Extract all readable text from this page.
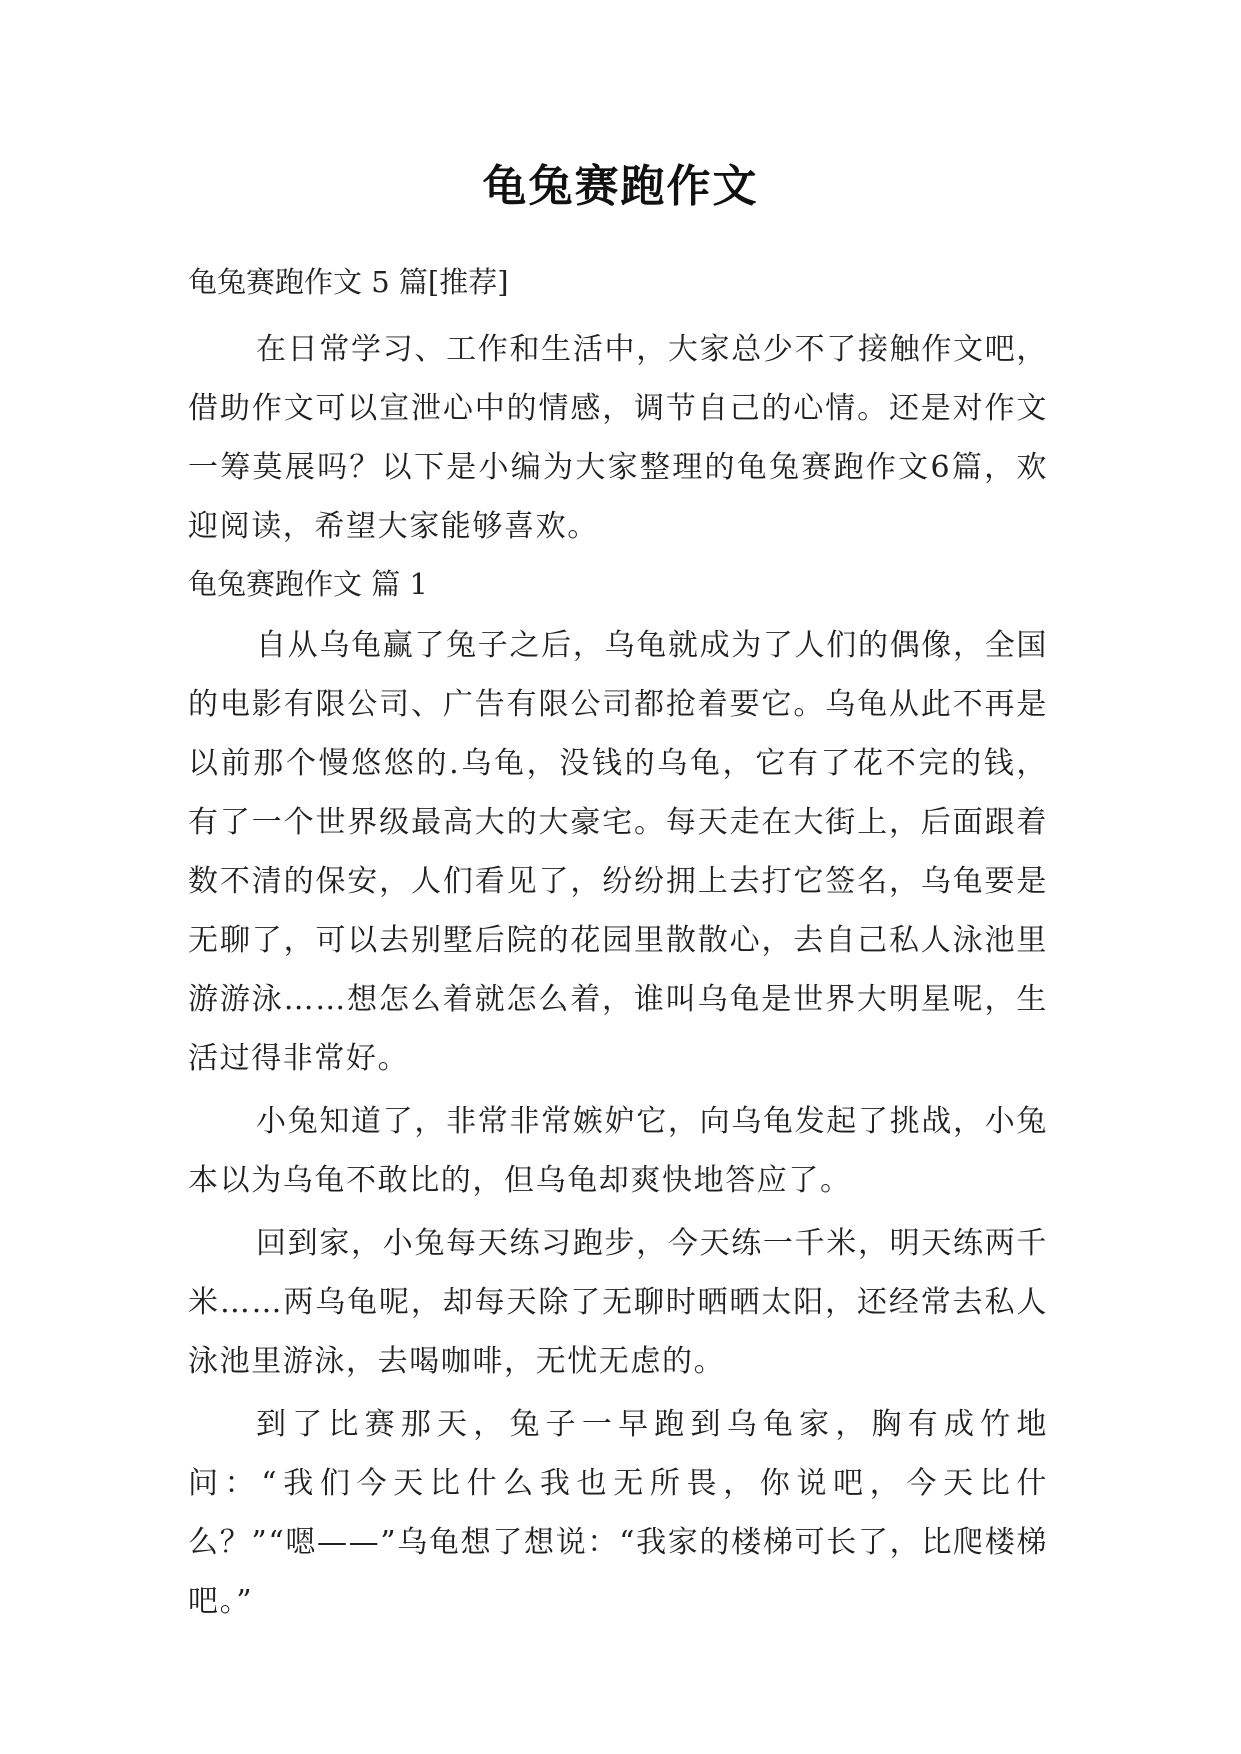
龟兔赛跑作文

龟兔赛跑作文 5 篇[推荐]

在日常学习、工作和生活中，大家总少不了接触作文吧，借助作文可以宣泄心中的情感，调节自己的心情。还是对作文一筹莫展吗？以下是小编为大家整理的龟兔赛跑作文6篇，欢迎阅读，希望大家能够喜欢。

龟兔赛跑作文 篇 1

自从乌龟赢了兔子之后，乌龟就成为了人们的偶像，全国的电影有限公司、广告有限公司都抢着要它。乌龟从此不再是以前那个慢悠悠的.乌龟，没钱的乌龟，它有了花不完的钱，有了一个世界级最高大的大豪宅。每天走在大街上，后面跟着数不清的保安，人们看见了，纷纷拥上去打它签名，乌龟要是无聊了，可以去别墅后院的花园里散散心，去自己私人泳池里游游泳……想怎么着就怎么着，谁叫乌龟是世界大明星呢，生活过得非常好。

小兔知道了，非常非常嫉妒它，向乌龟发起了挑战，小兔本以为乌龟不敢比的，但乌龟却爽快地答应了。

回到家，小兔每天练习跑步，今天练一千米，明天练两千米……两乌龟呢，却每天除了无聊时晒晒太阳，还经常去私人泳池里游泳，去喝咖啡，无忧无虑的。

到了比赛那天，兔子一早跑到乌龟家，胸有成竹地问：“我们今天比什么我也无所畏，你说吧，今天比什么？”“嗯——”乌龟想了想说：“我家的楼梯可长了，比爬楼梯吧。”
